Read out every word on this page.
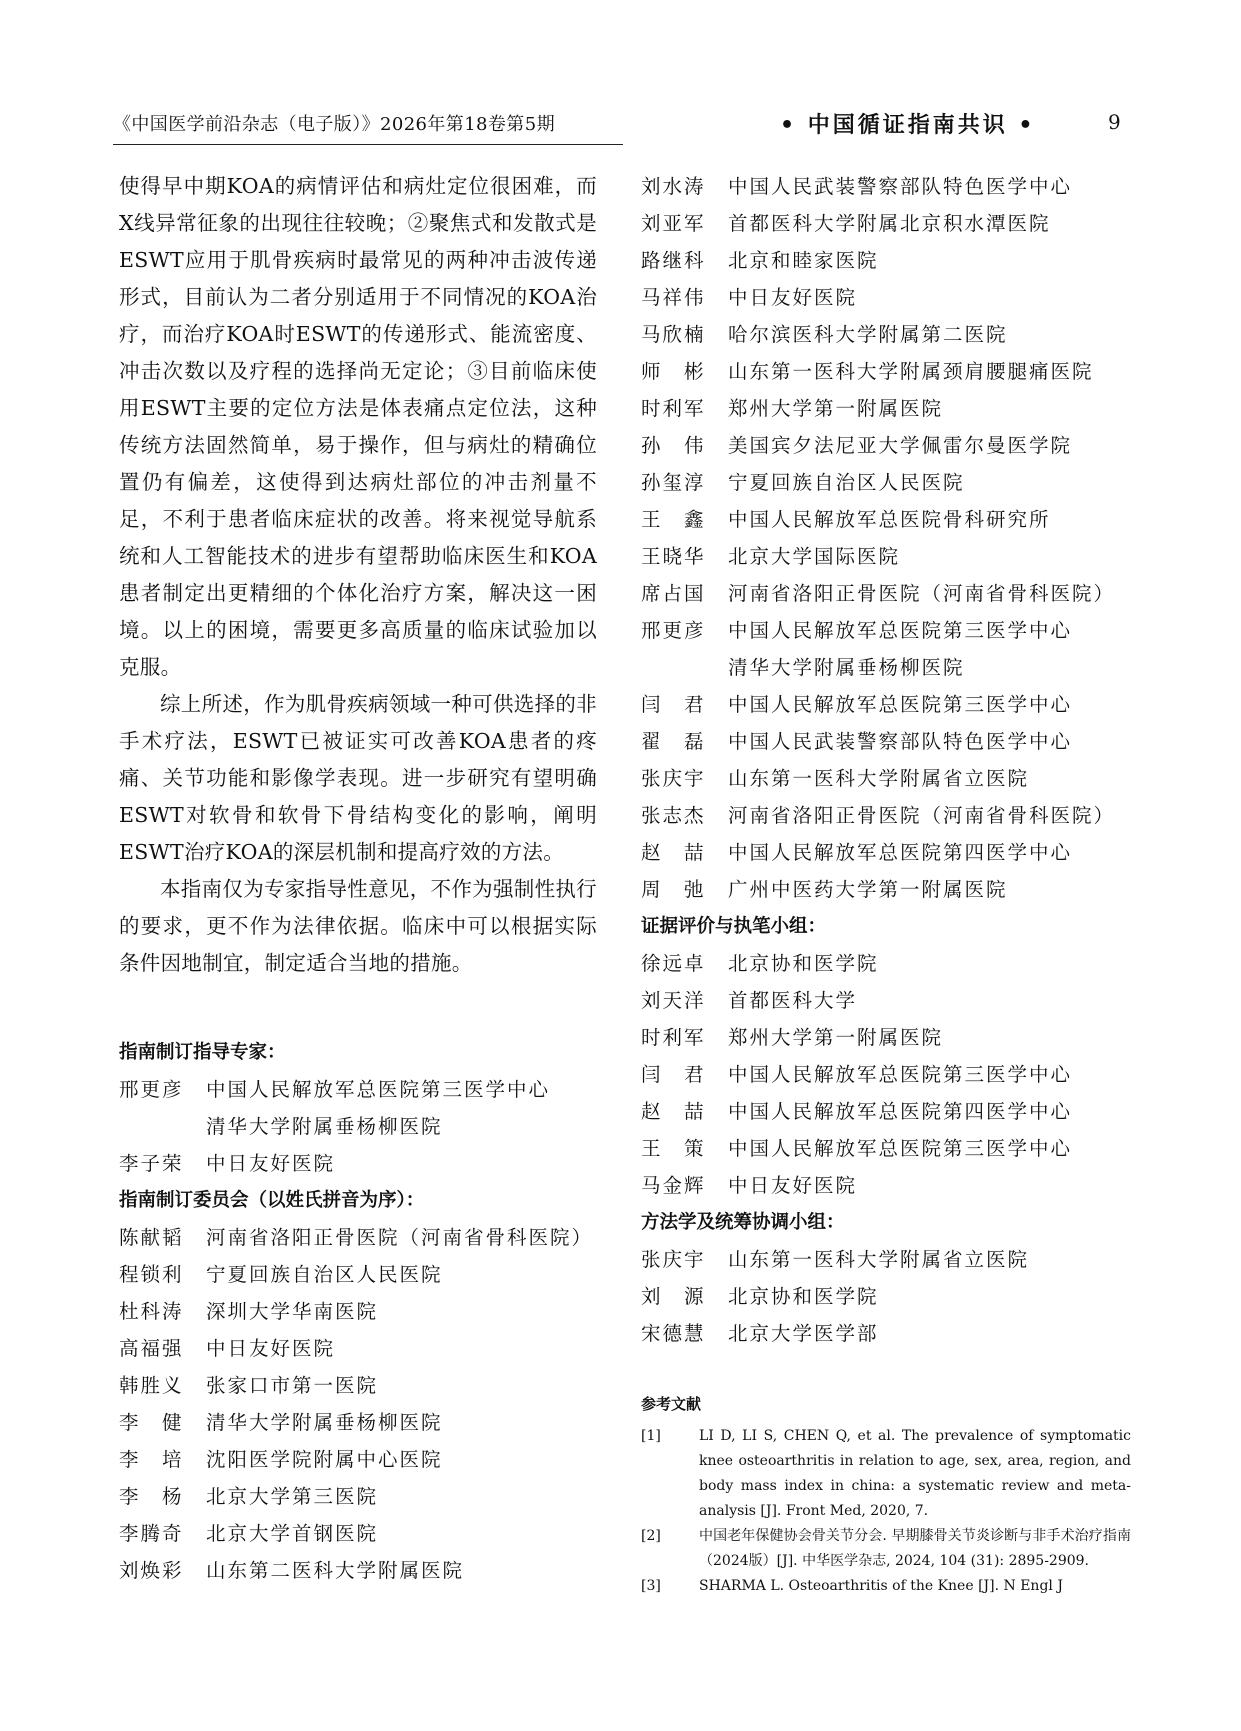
《中国医学前沿杂志（电子版）》2026年第18卷第5期	• 中国循证指南共识 •	9

使得早中期KOA的病情评估和病灶定位很困难，而X线异常征象的出现往往较晚；②聚焦式和发散式是ESWT应用于肌骨疾病时最常见的两种冲击波传递形式，目前认为二者分别适用于不同情况的KOA治疗，而治疗KOA时ESWT的传递形式、能流密度、冲击次数以及疗程的选择尚无定论；③目前临床使用ESWT主要的定位方法是体表痛点定位法，这种传统方法固然简单，易于操作，但与病灶的精确位置仍有偏差，这使得到达病灶部位的冲击剂量不足，不利于患者临床症状的改善。将来视觉导航系统和人工智能技术的进步有望帮助临床医生和KOA患者制定出更精细的个体化治疗方案，解决这一困境。以上的困境，需要更多高质量的临床试验加以克服。

综上所述，作为肌骨疾病领域一种可供选择的非手术疗法，ESWT已被证实可改善KOA患者的疼痛、关节功能和影像学表现。进一步研究有望明确ESWT对软骨和软骨下骨结构变化的影响，阐明ESWT治疗KOA的深层机制和提高疗效的方法。

本指南仅为专家指导性意见，不作为强制性执行的要求，更不作为法律依据。临床中可以根据实际条件因地制宜，制定适合当地的措施。

指南制订指导专家：
邢更彦	中国人民解放军总医院第三医学中心
清华大学附属垂杨柳医院
李子荣	中日友好医院
指南制订委员会（以姓氏拼音为序）：
陈献韬	河南省洛阳正骨医院（河南省骨科医院）
程锁利	宁夏回族自治区人民医院
杜科涛	深圳大学华南医院
高福强	中日友好医院
韩胜义	张家口市第一医院
李　健	清华大学附属垂杨柳医院
李　培	沈阳医学院附属中心医院
李　杨	北京大学第三医院
李腾奇	北京大学首钢医院
刘焕彩	山东第二医科大学附属医院
刘水涛	中国人民武装警察部队特色医学中心
刘亚军	首都医科大学附属北京积水潭医院
路继科	北京和睦家医院
马祥伟	中日友好医院
马欣楠	哈尔滨医科大学附属第二医院
师　彬	山东第一医科大学附属颈肩腰腿痛医院
时利军	郑州大学第一附属医院
孙　伟	美国宾夕法尼亚大学佩雷尔曼医学院
孙玺淳	宁夏回族自治区人民医院
王　鑫	中国人民解放军总医院骨科研究所
王晓华	北京大学国际医院
席占国	河南省洛阳正骨医院（河南省骨科医院）
邢更彦	中国人民解放军总医院第三医学中心
清华大学附属垂杨柳医院
闫　君	中国人民解放军总医院第三医学中心
翟　磊	中国人民武装警察部队特色医学中心
张庆宇	山东第一医科大学附属省立医院
张志杰	河南省洛阳正骨医院（河南省骨科医院）
赵　喆	中国人民解放军总医院第四医学中心
周　弛	广州中医药大学第一附属医院
证据评价与执笔小组：
徐远卓	北京协和医学院
刘天洋	首都医科大学
时利军	郑州大学第一附属医院
闫　君	中国人民解放军总医院第三医学中心
赵　喆	中国人民解放军总医院第四医学中心
王　策	中国人民解放军总医院第三医学中心
马金辉	中日友好医院
方法学及统筹协调小组：
张庆宇	山东第一医科大学附属省立医院
刘　源	北京协和医学院
宋德慧	北京大学医学部
参考文献
[1]	LI D, LI S, CHEN Q, et al. The prevalence of symptomatic knee osteoarthritis in relation to age, sex, area, region, and body mass index in china: a systematic review and meta-analysis [J]. Front Med, 2020, 7.
[2]	中国老年保健协会骨关节分会. 早期膝骨关节炎诊断与非手术治疗指南（2024版）[J]. 中华医学杂志, 2024, 104 (31): 2895-2909.
[3]	SHARMA L. Osteoarthritis of the Knee [J]. N Engl J
